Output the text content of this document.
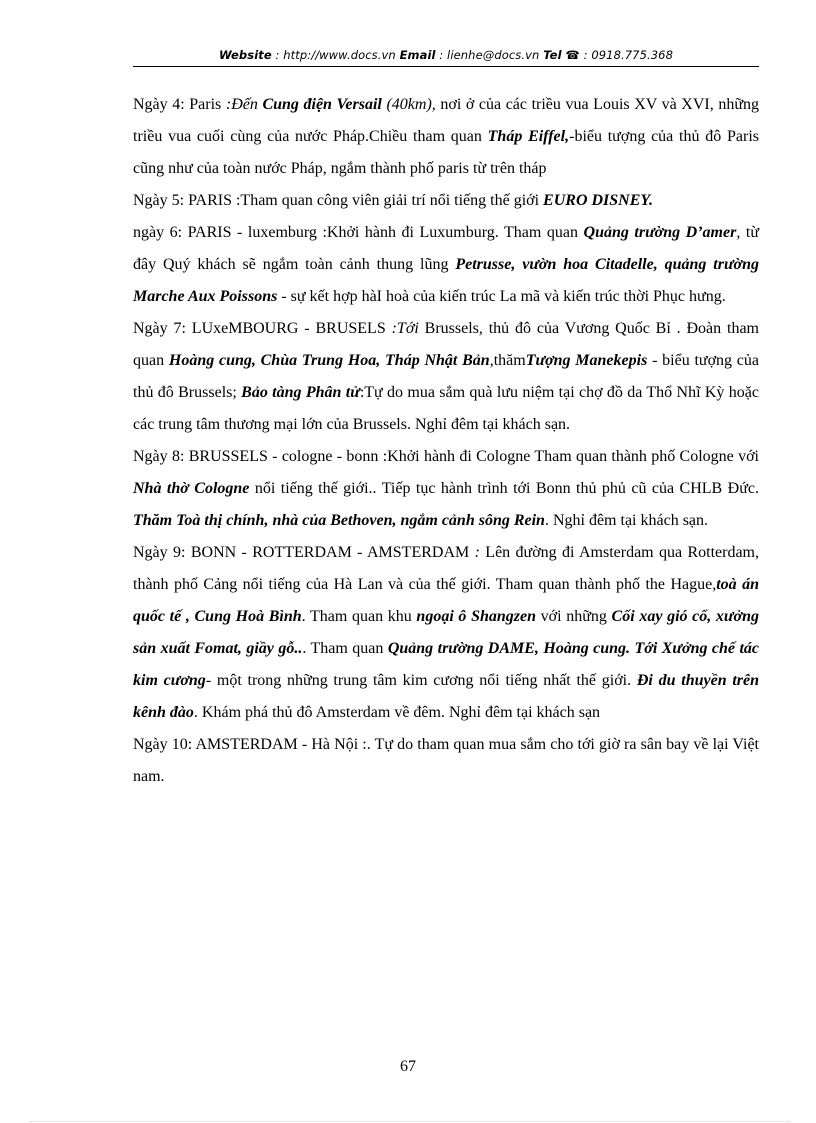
Website : http://www.docs.vn Email : lienhe@docs.vn Tel ☎ : 0918.775.368

Ngày 4: Paris :Đến Cung điện Versail (40km), nơi ở của các triều vua Louis XV và XVI, những triều vua cuối cùng của nước Pháp.Chiều tham quan Tháp Eiffel,-biểu tượng của thủ đô Paris cũng như của toàn nước Pháp, ngắm thành phố paris từ trên tháp

Ngày 5: PARIS :Tham quan công viên giải trí nổi tiếng thế giới EURO DISNEY.

ngày 6: PARIS - luxemburg :Khởi hành đi Luxumburg. Tham quan Quảng trường D’amer, từ đây Quý khách sẽ ngắm toàn cảnh thung lũng Petrusse, vườn hoa Citadelle, quảng trường Marche Aux Poissons - sự kết hợp hàI hoà của kiến trúc La mã và kiến trúc thời Phục hưng.

Ngày 7: LUxeMBOURG - BRUSELS :Tới Brussels, thủ đô của Vương Quốc Bỉ . Đoàn tham quan Hoàng cung, Chùa Trung Hoa, Tháp Nhật Bản,thămTượng Manekepis - biểu tượng của thủ đô Brussels; Bảo tàng Phân tử:Tự do mua sắm quà lưu niệm tại chợ đồ da Thổ Nhĩ Kỳ hoặc các trung tâm thương mại lớn của Brussels. Nghỉ đêm tại khách sạn.

Ngày 8: BRUSSELS - cologne - bonn :Khởi hành đi Cologne Tham quan thành phố Cologne với Nhà thờ Cologne nổi tiếng thế giới.. Tiếp tục hành trình tới Bonn thủ phủ cũ của CHLB Đức. Thăm Toà thị chính, nhà của Bethoven, ngắm cảnh sông Rein. Nghỉ đêm tại khách sạn.

Ngày 9: BONN - ROTTERDAM - AMSTERDAM : Lên đường đi Amsterdam qua Rotterdam, thành phố Cảng nổi tiếng của Hà Lan và của thế giới. Tham quan thành phố the Hague,toà án quốc tế , Cung Hoà Bình. Tham quan khu ngoại ô Shangzen với những Cối xay gió cổ, xưởng sản xuất Fomat, giầy gỗ... Tham quan Quảng trường DAME, Hoàng cung. Tới Xưởng chế tác kim cương- một trong những trung tâm kim cương nổi tiếng nhất thế giới. Đi du thuyền trên kênh đào. Khám phá thủ đô Amsterdam về đêm. Nghỉ đêm tại khách sạn

Ngày 10: AMSTERDAM - Hà Nội :. Tự do tham quan mua sắm cho tới giờ ra sân bay về lại Việt nam.

67
